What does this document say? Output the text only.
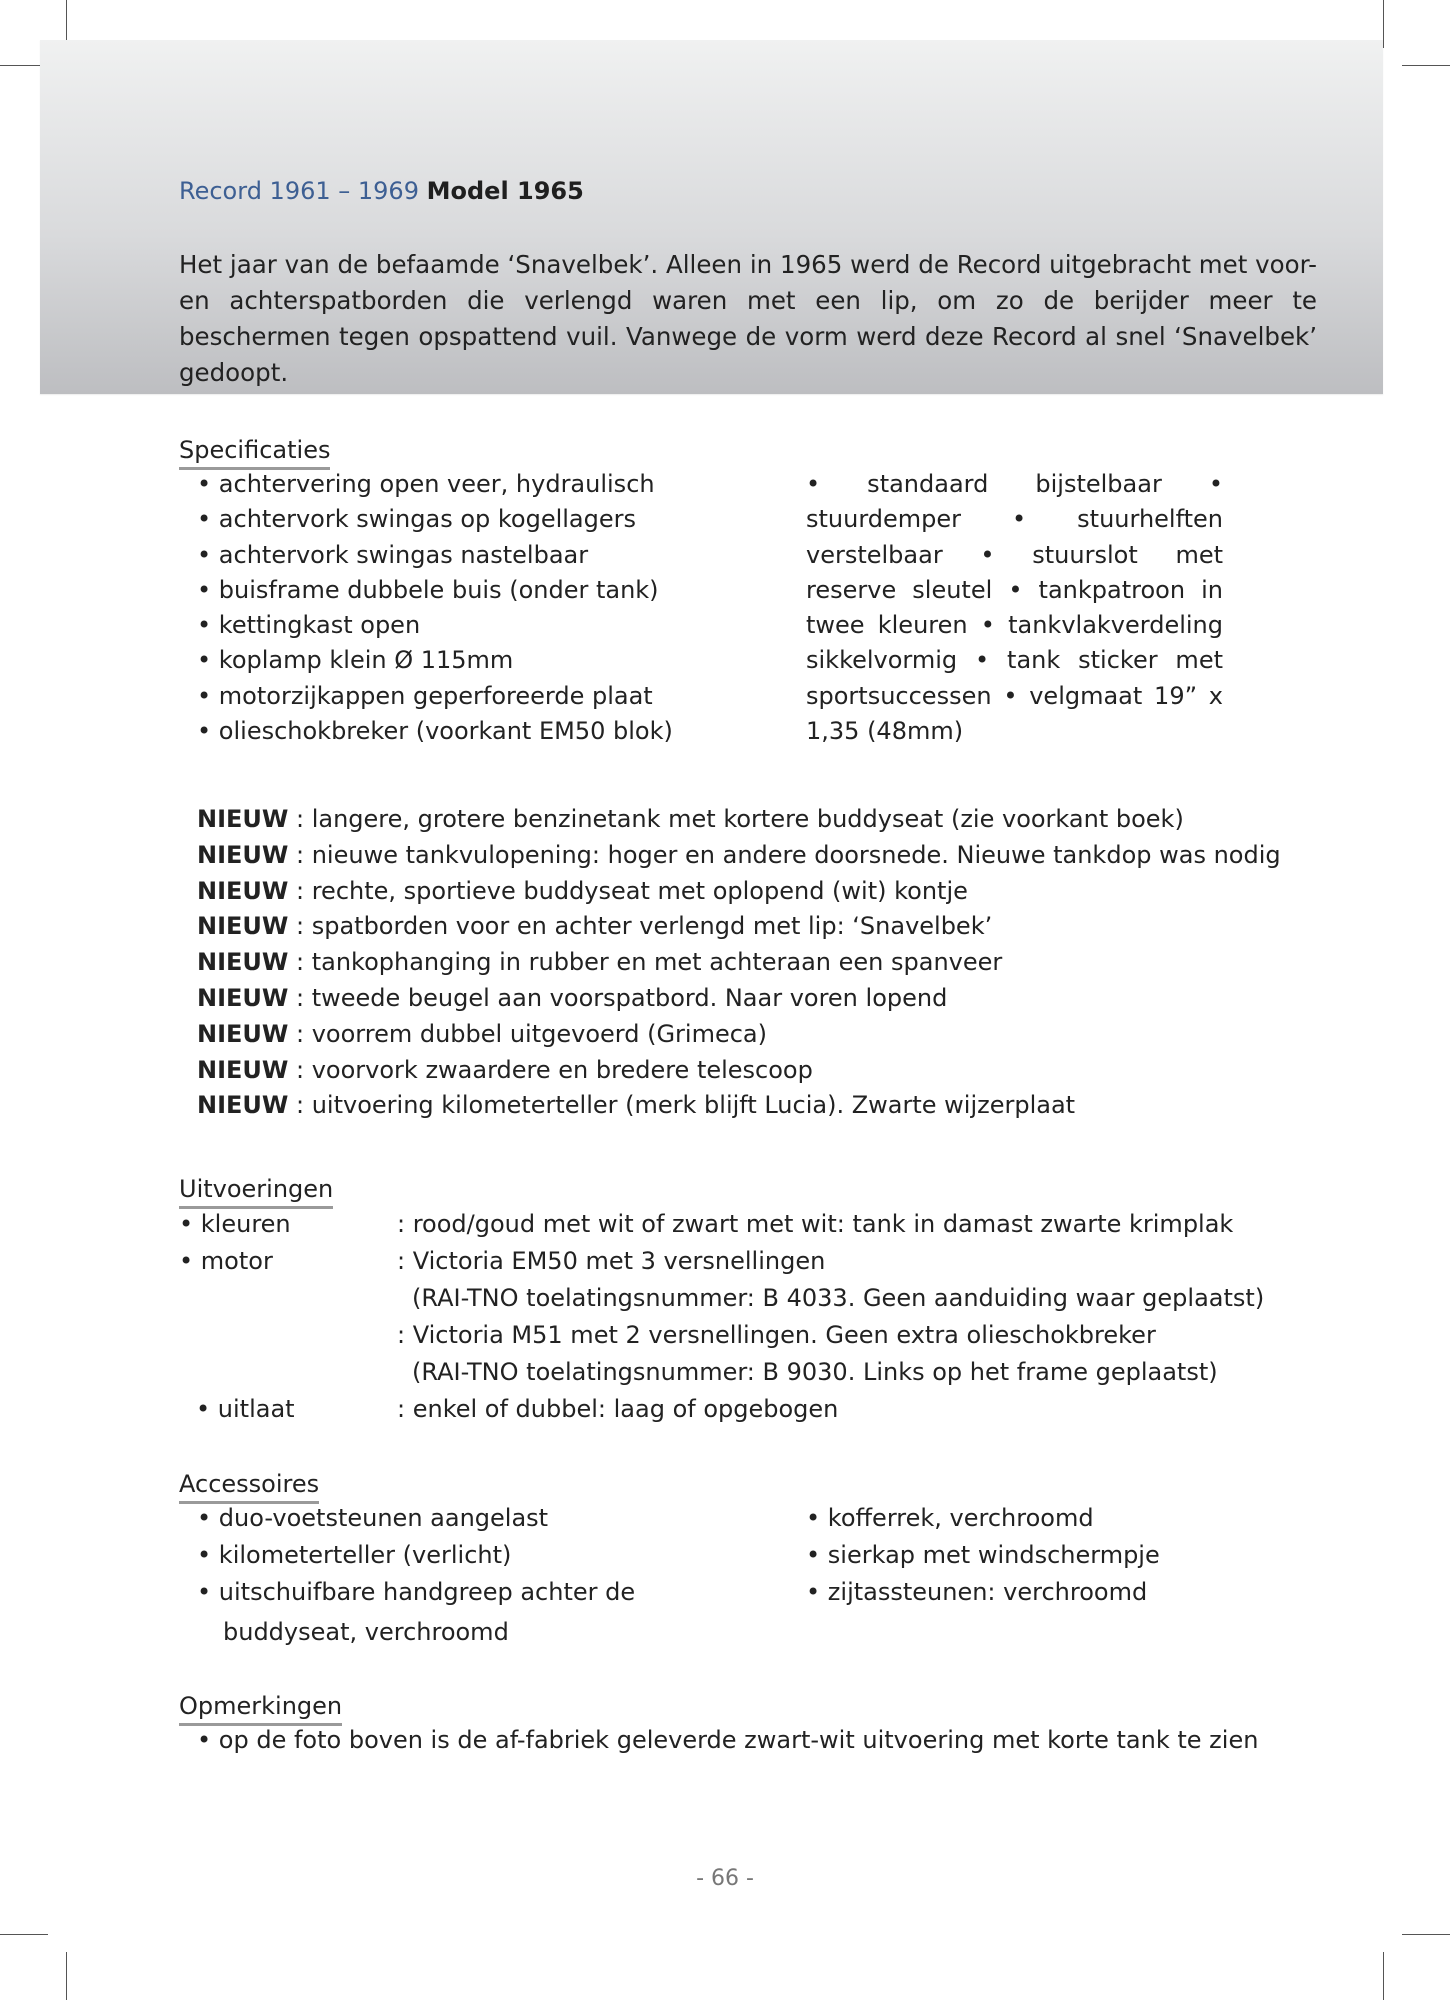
Record 1961 – 1969 Model 1965
Het jaar van de befaamde ‘Snavelbek’. Alleen in 1965 werd de Record uitgebracht met voor- en achterspatborden die verlengd waren met een lip, om zo de berijder meer te beschermen tegen opspattend vuil. Vanwege de vorm werd deze Record al snel ‘Snavelbek’ gedoopt.
Specificaties
• achtervering open veer, hydraulisch
• achtervork swingas op kogellagers
• achtervork swingas nastelbaar
• buisframe dubbele buis (onder tank)
• kettingkast open
• koplamp klein Ø 115mm
• motorzijkappen geperforeerde plaat
• olieschokbreker (voorkant EM50 blok)
• standaard bijstelbaar • stuurdemper • stuurhelften verstelbaar • stuurslot met reserve sleutel • tankpatroon in twee kleuren • tankvlakverdeling sikkelvormig • tank sticker met sportsuccessen • velgmaat 19” x 1,35 (48mm)
NIEUW : langere, grotere benzinetank met kortere buddyseat (zie voorkant boek)
NIEUW : nieuwe tankvulopening: hoger en andere doorsnede. Nieuwe tankdop was nodig
NIEUW : rechte, sportieve buddyseat met oplopend (wit) kontje
NIEUW : spatborden voor en achter verlengd met lip: ‘Snavelbek’
NIEUW : tankophanging in rubber en met achteraan een spanveer
NIEUW : tweede beugel aan voorspatbord. Naar voren lopend
NIEUW : voorrem dubbel uitgevoerd (Grimeca)
NIEUW : voorvork zwaardere en bredere telescoop
NIEUW : uitvoering kilometerteller (merk blijft Lucia). Zwarte wijzerplaat
Uitvoeringen
• kleuren	: rood/goud met wit of zwart met wit: tank in damast zwarte krimplak
• motor	: Victoria EM50 met 3 versnellingen
(RAI-TNO toelatingsnummer: B 4033. Geen aanduiding waar geplaatst)
: Victoria M51 met 2 versnellingen. Geen extra olieschokbreker
(RAI-TNO toelatingsnummer: B 9030. Links op het frame geplaatst)
• uitlaat	: enkel of dubbel: laag of opgebogen
Accessoires
• duo-voetsteunen aangelast
• kilometerteller (verlicht)
• uitschuifbare handgreep achter de
buddyseat, verchroomd
• kofferrek, verchroomd
• sierkap met windschermpje
• zijtassteunen: verchroomd
Opmerkingen
• op de foto boven is de af-fabriek geleverde zwart-wit uitvoering met korte tank te zien
- 66 -
